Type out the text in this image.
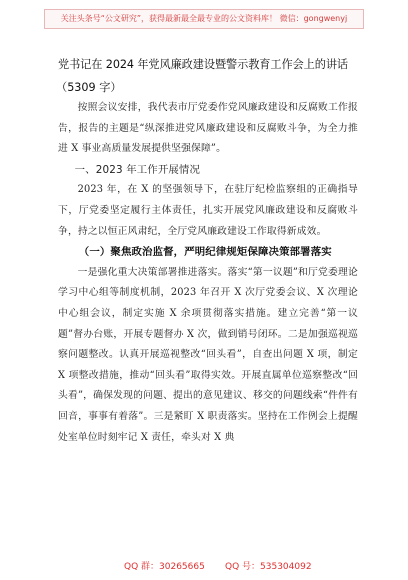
关注头条号“公文研究”，获得最新最全最专业的公文资料库！ 微信：gongwenyj
党书记在 2024 年党风廉政建设暨警示教育工作会上的讲话
（5309 字）

按照会议安排，我代表市厅党委作党风廉政建设和反腐败工作报告，报告的主题是“纵深推进党风廉政建设和反腐败斗争，为全力推进 X 事业高质量发展提供坚强保障”。

一、2023 年工作开展情况

2023 年，在 X 的坚强领导下，在驻厅纪检监察组的正确指导下，厅党委坚定履行主体责任，扎实开展党风廉政建设和反腐败斗争，持之以恒正风肃纪，全厅党风廉政建设工作取得新成效。

（一）聚焦政治监督，严明纪律规矩保障决策部署落实

一是强化重大决策部署推进落实。落实“第一议题”和厅党委理论学习中心组等制度机制，2023 年召开 X 次厅党委会议、X 次理论中心组会议，制定实施 X 余项贯彻落实措施。建立完善“第一议题”督办台账，开展专题督办 X 次，做到销号闭环。二是加强巡视巡察问题整改。认真开展巡视整改“回头看”，自查出问题 X 项，制定 X 项整改措施，推动“回头看”取得实效。开展直属单位巡察整改“回头看”，确保发现的问题、提出的意见建议、移交的问题线索“件件有回音，事事有着落”。三是紧盯 X 职责落实。坚持在工作例会上提醒处室单位时刻牢记 X 责任，牵头对 X 典

QQ 群：30265665 QQ 号：535304092
